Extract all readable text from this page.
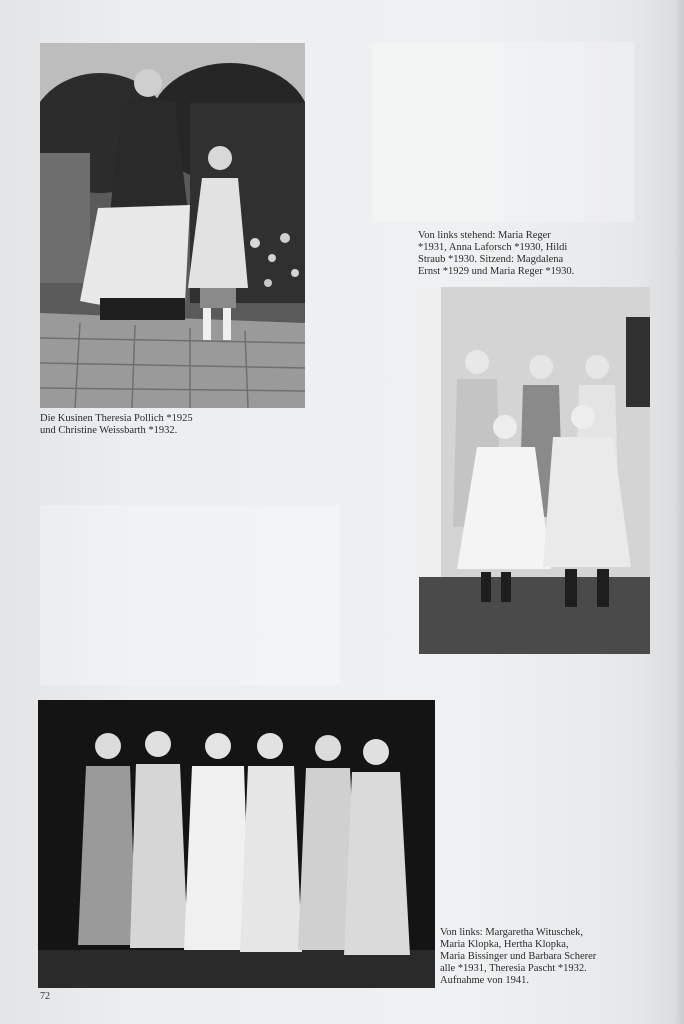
Die Kusinen Theresia Pollich *1925
und Christine Weissbarth *1932.
Von links stehend: Maria Reger
*1931, Anna Laforsch *1930, Hildi
Straub *1930. Sitzend: Magdalena
Ernst *1929 und Maria Reger *1930.
Von links: Margaretha Wituschek,
Maria Klopka, Hertha Klopka,
Maria Bissinger und Barbara Scherer
alle *1931, Theresia Pascht *1932.
Aufnahme von 1941.
72
